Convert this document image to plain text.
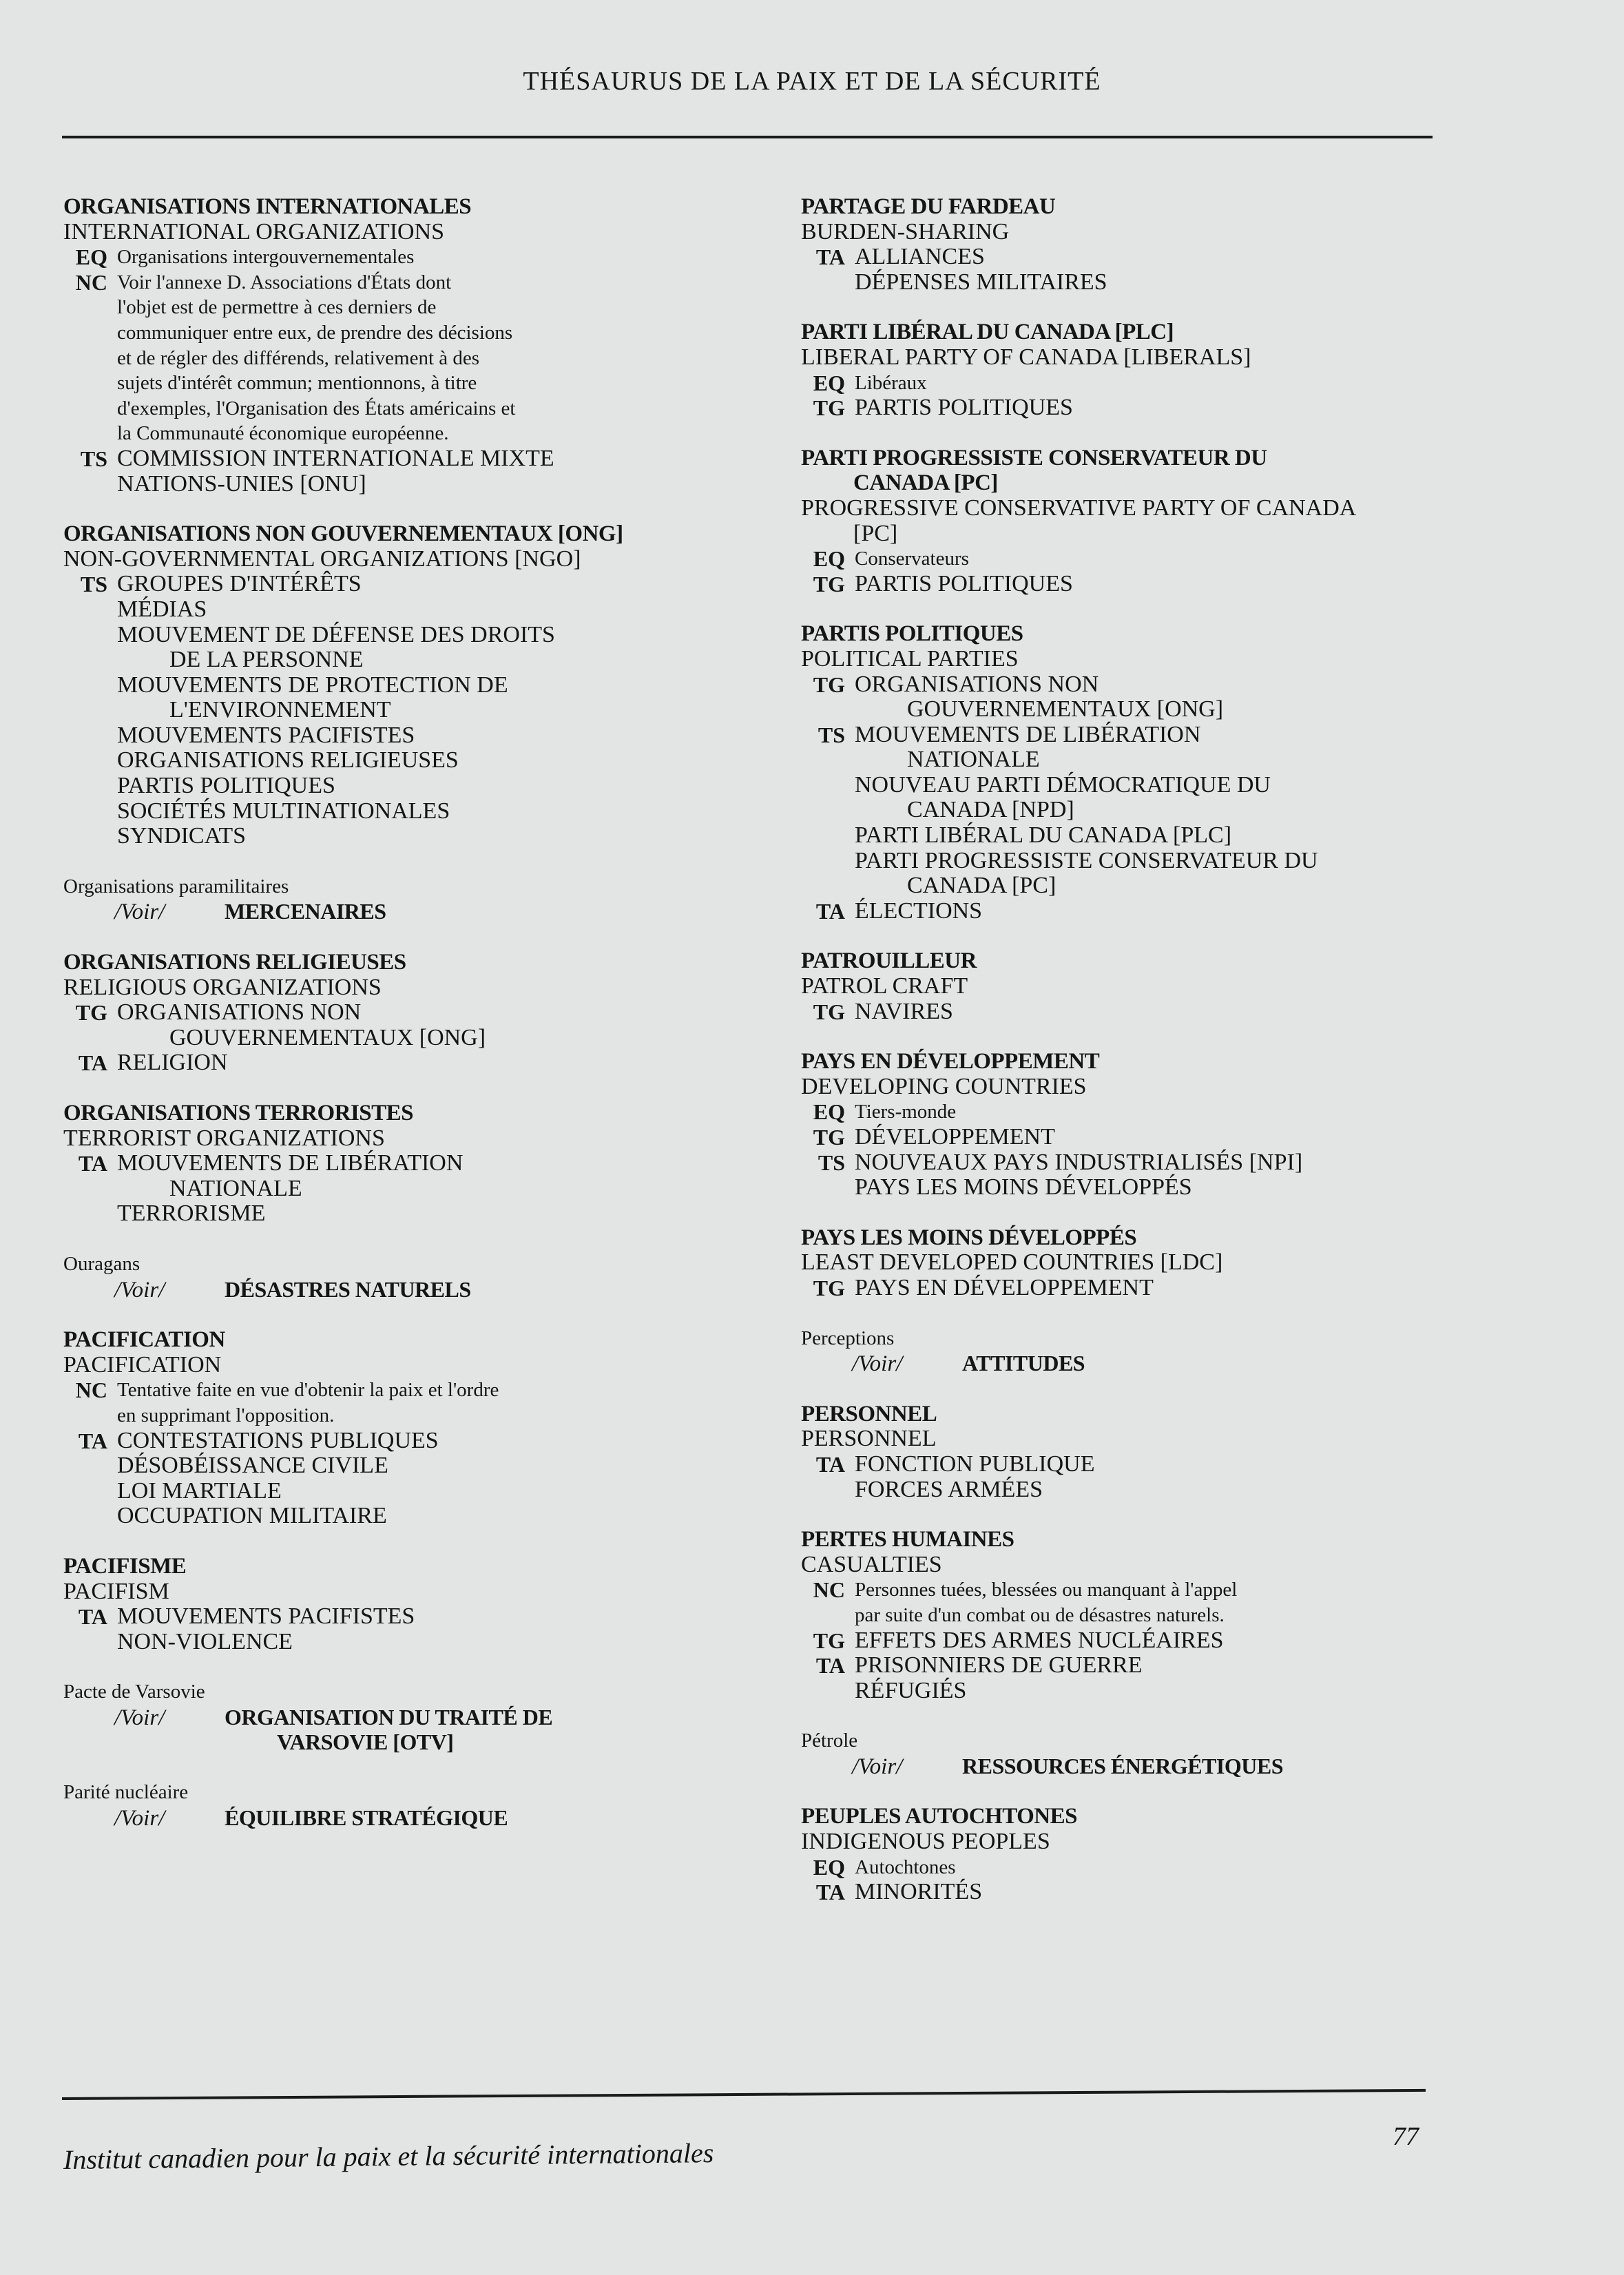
THÉSAURUS DE LA PAIX ET DE LA SÉCURITÉ
ORGANISATIONS INTERNATIONALES
INTERNATIONAL ORGANIZATIONS
EQ Organisations intergouvernementales
NC Voir l'annexe D. Associations d'États dont
l'objet est de permettre à ces derniers de
communiquer entre eux, de prendre des décisions
et de régler des différends, relativement à des
sujets d'intérêt commun; mentionnons, à titre
d'exemples, l'Organisation des États américains et
la Communauté économique européenne.
TS COMMISSION INTERNATIONALE MIXTE
NATIONS-UNIES [ONU]
ORGANISATIONS NON GOUVERNEMENTAUX [ONG]
NON-GOVERNMENTAL ORGANIZATIONS [NGO]
TS GROUPES D'INTÉRÊTS
MÉDIAS
MOUVEMENT DE DÉFENSE DES DROITS
DE LA PERSONNE
MOUVEMENTS DE PROTECTION DE
L'ENVIRONNEMENT
MOUVEMENTS PACIFISTES
ORGANISATIONS RELIGIEUSES
PARTIS POLITIQUES
SOCIÉTÉS MULTINATIONALES
SYNDICATS
Organisations paramilitaires
/Voir/	MERCENAIRES
ORGANISATIONS RELIGIEUSES
RELIGIOUS ORGANIZATIONS
TG ORGANISATIONS NON
GOUVERNEMENTAUX [ONG]
TA RELIGION
ORGANISATIONS TERRORISTES
TERRORIST ORGANIZATIONS
TA MOUVEMENTS DE LIBÉRATION
NATIONALE
TERRORISME
Ouragans
/Voir/	DÉSASTRES NATURELS
PACIFICATION
PACIFICATION
NC Tentative faite en vue d'obtenir la paix et l'ordre
en supprimant l'opposition.
TA CONTESTATIONS PUBLIQUES
DÉSOBÉISSANCE CIVILE
LOI MARTIALE
OCCUPATION MILITAIRE
PACIFISME
PACIFISM
TA MOUVEMENTS PACIFISTES
NON-VIOLENCE
Pacte de Varsovie
/Voir/	ORGANISATION DU TRAITÉ DE
VARSOVIE [OTV]
Parité nucléaire
/Voir/	ÉQUILIBRE STRATÉGIQUE
PARTAGE DU FARDEAU
BURDEN-SHARING
TA ALLIANCES
DÉPENSES MILITAIRES
PARTI LIBÉRAL DU CANADA [PLC]
LIBERAL PARTY OF CANADA [LIBERALS]
EQ Libéraux
TG PARTIS POLITIQUES
PARTI PROGRESSISTE CONSERVATEUR DU
CANADA [PC]
PROGRESSIVE CONSERVATIVE PARTY OF CANADA
[PC]
EQ Conservateurs
TG PARTIS POLITIQUES
PARTIS POLITIQUES
POLITICAL PARTIES
TG ORGANISATIONS NON
GOUVERNEMENTAUX [ONG]
TS MOUVEMENTS DE LIBÉRATION
NATIONALE
NOUVEAU PARTI DÉMOCRATIQUE DU
CANADA [NPD]
PARTI LIBÉRAL DU CANADA [PLC]
PARTI PROGRESSISTE CONSERVATEUR DU
CANADA [PC]
TA ÉLECTIONS
PATROUILLEUR
PATROL CRAFT
TG NAVIRES
PAYS EN DÉVELOPPEMENT
DEVELOPING COUNTRIES
EQ Tiers-monde
TG DÉVELOPPEMENT
TS NOUVEAUX PAYS INDUSTRIALISÉS [NPI]
PAYS LES MOINS DÉVELOPPÉS
PAYS LES MOINS DÉVELOPPÉS
LEAST DEVELOPED COUNTRIES [LDC]
TG PAYS EN DÉVELOPPEMENT
Perceptions
/Voir/	ATTITUDES
PERSONNEL
PERSONNEL
TA FONCTION PUBLIQUE
FORCES ARMÉES
PERTES HUMAINES
CASUALTIES
NC Personnes tuées, blessées ou manquant à l'appel
par suite d'un combat ou de désastres naturels.
TG EFFETS DES ARMES NUCLÉAIRES
TA PRISONNIERS DE GUERRE
RÉFUGIÉS
Pétrole
/Voir/	RESSOURCES ÉNERGÉTIQUES
PEUPLES AUTOCHTONES
INDIGENOUS PEOPLES
EQ Autochtones
TA MINORITÉS
Institut canadien pour la paix et la sécurité internationales
77
